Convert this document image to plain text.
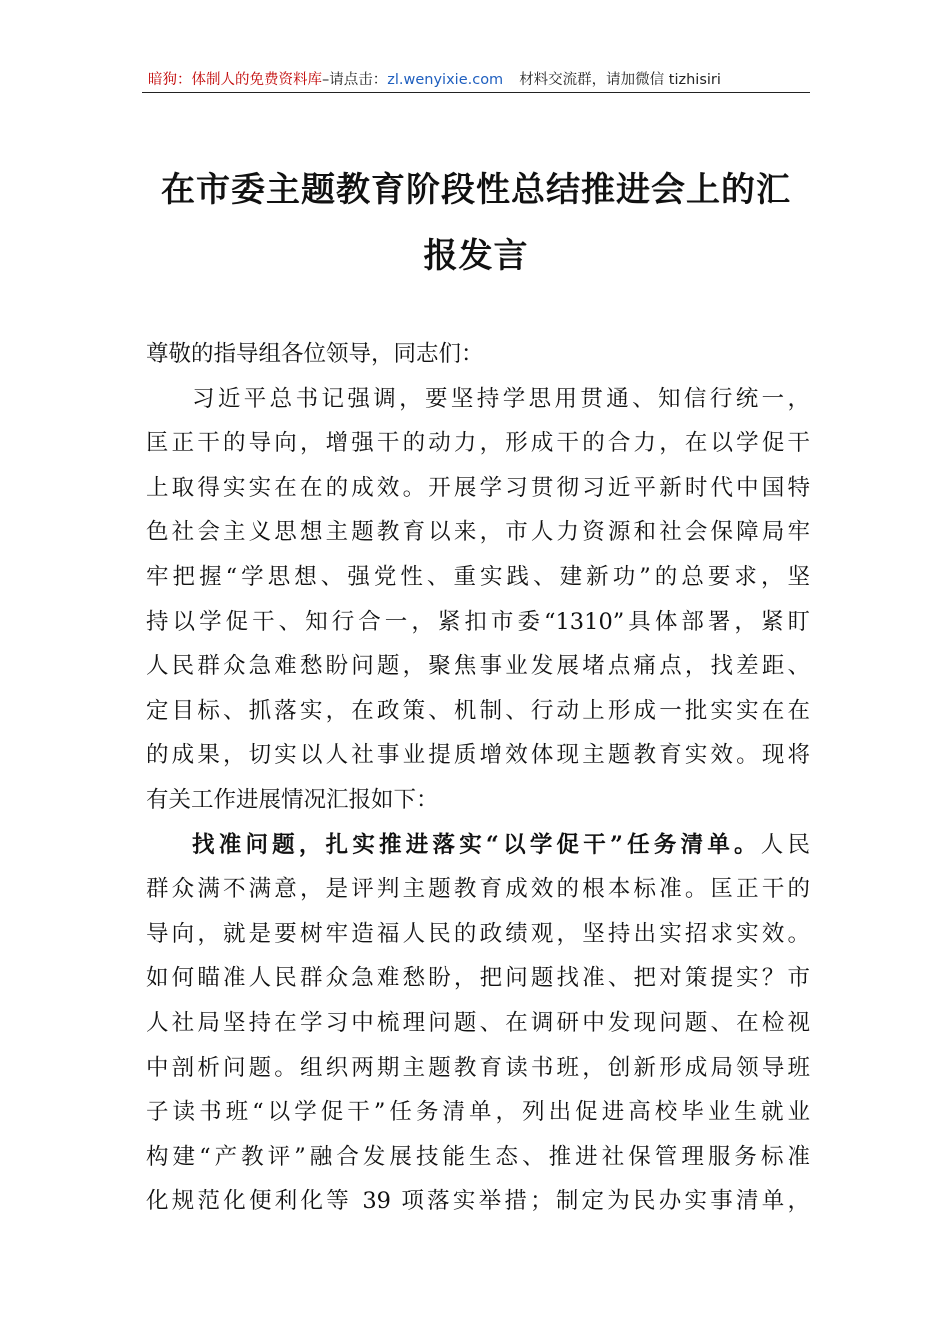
暗狗：体制人的免费资料库–请点击：zl.wenyixie.com 材料交流群，请加微信 tizhisiri
在市委主题教育阶段性总结推进会上的汇
报发言
尊敬的指导组各位领导，同志们：
习近平总书记强调，要坚持学思用贯通、知信行统一，
匡正干的导向，增强干的动力，形成干的合力，在以学促干
上取得实实在在的成效。开展学习贯彻习近平新时代中国特
色社会主义思想主题教育以来，市人力资源和社会保障局牢
牢把握“学思想、强党性、重实践、建新功”的总要求，坚
持以学促干、知行合一，紧扣市委“1310”具体部署，紧盯
人民群众急难愁盼问题，聚焦事业发展堵点痛点，找差距、
定目标、抓落实，在政策、机制、行动上形成一批实实在在
的成果，切实以人社事业提质增效体现主题教育实效。现将
有关工作进展情况汇报如下：
找准问题，扎实推进落实“以学促干”任务清单。人民
群众满不满意，是评判主题教育成效的根本标准。匡正干的
导向，就是要树牢造福人民的政绩观，坚持出实招求实效。
如何瞄准人民群众急难愁盼，把问题找准、把对策提实？市
人社局坚持在学习中梳理问题、在调研中发现问题、在检视
中剖析问题。组织两期主题教育读书班，创新形成局领导班
子读书班“以学促干”任务清单，列出促进高校毕业生就业
构建“产教评”融合发展技能生态、推进社保管理服务标准
化规范化便利化等 39 项落实举措；制定为民办实事清单，
